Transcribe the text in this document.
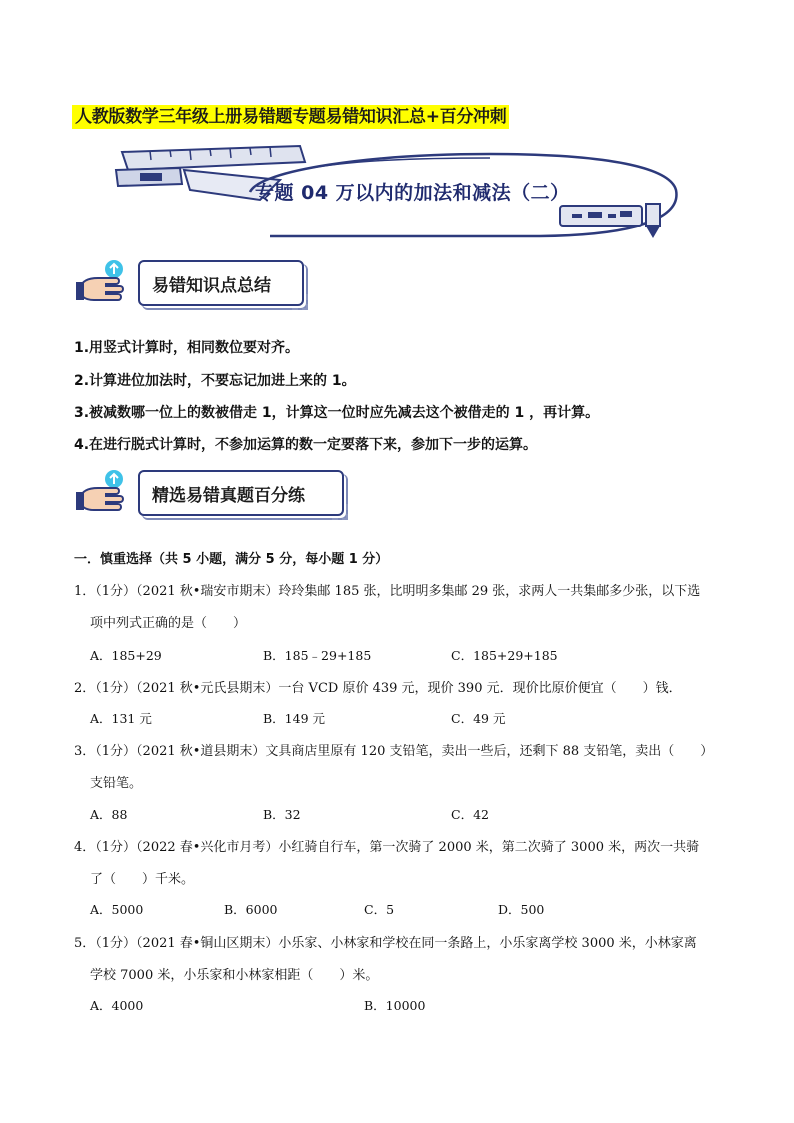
人教版数学三年级上册易错题专题易错知识汇总+百分冲刺
专题 04 万以内的加法和减法（二）
易错知识点总结
1.用竖式计算时，相同数位要对齐。
2.计算进位加法时，不要忘记加进上来的 1。
3.被减数哪一位上的数被借走 1，计算这一位时应先减去这个被借走的 1 ，再计算。
4.在进行脱式计算时，不参加运算的数一定要落下来，参加下一步的运算。
精选易错真题百分练
一．慎重选择（共 5 小题，满分 5 分，每小题 1 分）
1．（1分）（2021 秋•瑞安市期末）玲玲集邮 185 张，比明明多集邮 29 张，求两人一共集邮多少张，以下选
项中列式正确的是（　　）
A．185+29	B．185﹣29+185	C．185+29+185
2．（1分）（2021 秋•元氏县期末）一台 VCD 原价 439 元，现价 390 元．现价比原价便宜（　　）钱．
A．131 元	B．149 元	C．49 元
3．（1分）（2021 秋•道县期末）文具商店里原有 120 支铅笔，卖出一些后，还剩下 88 支铅笔，卖出（　　）
支铅笔。
A．88	B．32	C．42
4．（1分）（2022 春•兴化市月考）小红骑自行车，第一次骑了 2000 米，第二次骑了 3000 米，两次一共骑
了（　　）千米。
A．5000	B．6000	C．5	D．500
5．（1分）（2021 春•铜山区期末）小乐家、小林家和学校在同一条路上，小乐家离学校 3000 米，小林家离
学校 7000 米，小乐家和小林家相距（　　）米。
A．4000	B．10000
